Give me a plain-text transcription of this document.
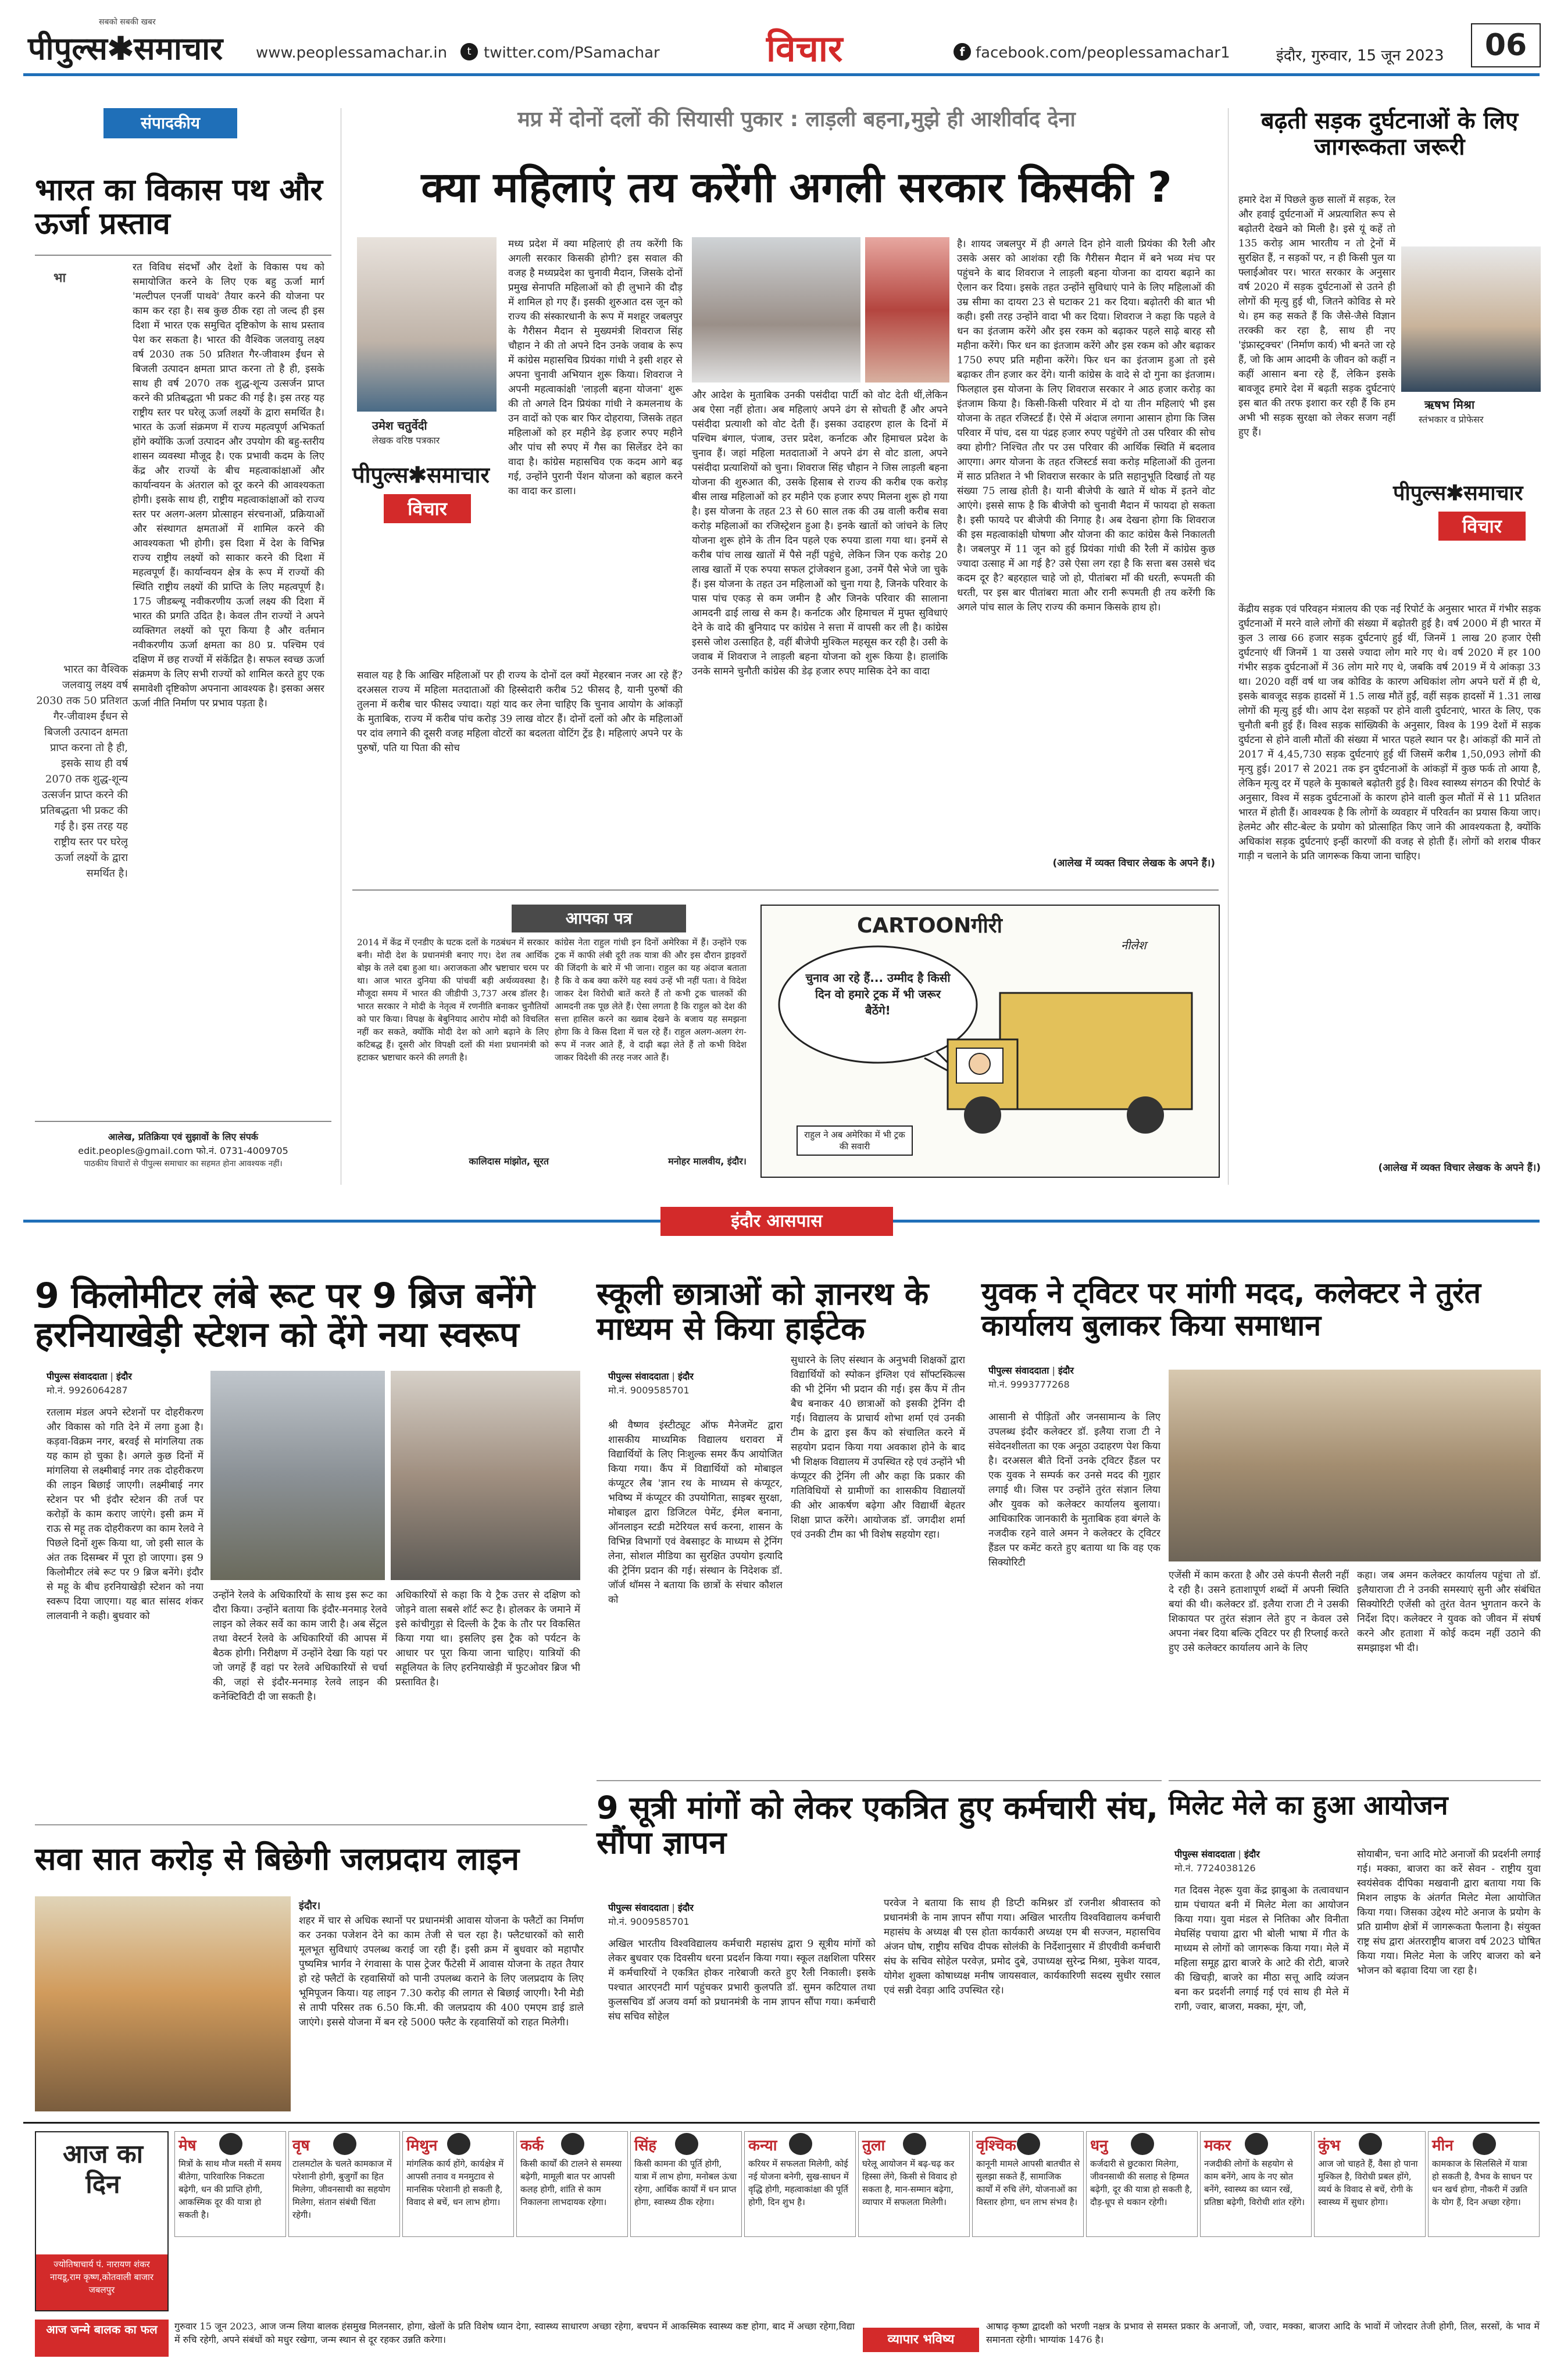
पीपुल्स✱समाचार
सबको सबकी खबर
www.peoplessamachar.in	t twitter.com/PSamachar	विचार	f facebook.com/peoplessamachar1	इंदौर, गुरुवार, 15 जून 2023	06
संपादकीय
भारत का विकास पथ और ऊर्जा प्रस्ताव
भा
रत विविध संदर्भों और देशों के विकास पथ को समायोजित करने के लिए एक बहु ऊर्जा मार्ग 'मल्टीपल एनर्जी पाथवे' तैयार करने की योजना पर काम कर रहा है। सब कुछ ठीक रहा तो जल्द ही इस दिशा में भारत एक समुचित दृष्टिकोण के साथ प्रस्ताव पेश कर सकता है। भारत की वैश्विक जलवायु लक्ष्य वर्ष 2030 तक 50 प्रतिशत गैर-जीवाश्म ईंधन से बिजली उत्पादन क्षमता प्राप्त करना तो है ही, इसके साथ ही वर्ष 2070 तक शुद्ध-शून्य उत्सर्जन प्राप्त करने की प्रतिबद्धता भी प्रकट की गई है। इस तरह यह राष्ट्रीय स्तर पर घरेलू ऊर्जा लक्ष्यों के द्वारा समर्थित है। भारत के ऊर्जा संक्रमण में राज्य महत्वपूर्ण अभिकर्ता होंगे क्योंकि ऊर्जा उत्पादन और उपयोग की बहु-स्तरीय शासन व्यवस्था मौजूद है। एक प्रभावी कदम के लिए केंद्र और राज्यों के बीच महत्वाकांक्षाओं और कार्यान्वयन के अंतराल को दूर करने की आवश्यकता होगी। इसके साथ ही, राष्ट्रीय महत्वाकांक्षाओं को राज्य स्तर पर अलग-अलग प्रोत्साहन संरचनाओं, प्रक्रियाओं और संस्थागत क्षमताओं में शामिल करने की आवश्यकता भी होगी। इस दिशा में देश के विभिन्न राज्य राष्ट्रीय लक्ष्यों को साकार करने की दिशा में महत्वपूर्ण हैं। कार्यान्वयन क्षेत्र के रूप में राज्यों की स्थिति राष्ट्रीय लक्ष्यों की प्राप्ति के लिए महत्वपूर्ण है। 175 जीडब्ल्यू नवीकरणीय ऊर्जा लक्ष्य की दिशा में भारत की प्रगति उदित है। केवल तीन राज्यों ने अपने व्यक्तिगत लक्ष्यों को पूरा किया है और वर्तमान नवीकरणीय ऊर्जा क्षमता का 80 प्र. पश्चिम एवं दक्षिण में छह राज्यों में संकेंद्रित है। सफल स्वच्छ ऊर्जा संक्रमण के लिए सभी राज्यों को शामिल करते हुए एक समावेशी दृष्टिकोण अपनाना आवश्यक है। इसका असर ऊर्जा नीति निर्माण पर प्रभाव पड़ता है।
भारत का वैश्विक जलवायु लक्ष्य वर्ष 2030 तक 50 प्रतिशत गैर-जीवाश्म ईंधन से बिजली उत्पादन क्षमता प्राप्त करना तो है ही, इसके साथ ही वर्ष 2070 तक शुद्ध-शून्य उत्सर्जन प्राप्त करने की प्रतिबद्धता भी प्रकट की गई है। इस तरह यह राष्ट्रीय स्तर पर घरेलू ऊर्जा लक्ष्यों के द्वारा समर्थित है।
आलेख, प्रतिक्रिया एवं सुझावों के लिए संपर्क
edit.peoples@gmail.com फो.नं. 0731-4009705
पाठकीय विचारों से पीपुल्स समाचार का सहमत होना आवश्यक नहीं।
मप्र में दोनों दलों की सियासी पुकार : लाड़ली बहना,मुझे ही आशीर्वाद देना
क्या महिलाएं तय करेंगी अगली सरकार किसकी ?
उमेश चतुर्वेदी
लेखक वरिष्ठ पत्रकार
पीपुल्स✱समाचार
विचार
मध्य प्रदेश में क्या महिलाएं ही तय करेंगी कि अगली सरकार किसकी होगी? इस सवाल की वजह है मध्यप्रदेश का चुनावी मैदान, जिसके दोनों प्रमुख सेनापति महिलाओं को ही लुभाने की दौड़ में शामिल हो गए हैं। इसकी शुरुआत दस जून को राज्य की संस्कारधानी के रूप में मशहूर जबलपुर के गैरीसन मैदान से मुख्यमंत्री शिवराज सिंह चौहान ने की तो अपने दिन उनके जवाब के रूप में कांग्रेस महासचिव प्रियंका गांधी ने इसी शहर से अपना चुनावी अभियान शुरू किया। शिवराज ने अपनी महत्वाकांक्षी 'लाड़ली बहना योजना' शुरू की तो अगले दिन प्रियंका गांधी ने कमलनाथ के उन वादों को एक बार फिर दोहराया, जिसके तहत महिलाओं को हर महीने डेढ़ हजार रुपए महीने और पांच सौ रुपए में गैस का सिलेंडर देने का वादा है। कांग्रेस महासचिव एक कदम आगे बढ़ गई, उन्होंने पुरानी पेंशन योजना को बहाल करने का वादा कर डाला।
सवाल यह है कि आखिर महिलाओं पर ही राज्य के दोनों दल क्यों मेहरबान नजर आ रहे हैं? दरअसल राज्य में महिला मतदाताओं की हिस्सेदारी करीब 52 फीसद है, यानी पुरुषों की तुलना में करीब चार फीसद ज्यादा। यहां याद कर लेना चाहिए कि चुनाव आयोग के आंकड़ों के मुताबिक, राज्य में करीब पांच करोड़ 39 लाख वोटर हैं। दोनों दलों को और के महिलाओं पर दांव लगाने की दूसरी वजह महिला वोटरों का बदलता वोटिंग ट्रेंड है। महिलाएं अपने पर के पुरुषों, पति या पिता की सोच
और आदेश के मुताबिक उनकी पसंदीदा पार्टी को वोट देती थीं,लेकिन अब ऐसा नहीं होता। अब महिलाएं अपने ढंग से सोचती हैं और अपने पसंदीदा प्रत्याशी को वोट देती हैं। इसका उदाहरण हाल के दिनों में पश्चिम बंगाल, पंजाब, उत्तर प्रदेश, कर्नाटक और हिमाचल प्रदेश के चुनाव हैं। जहां महिला मतदाताओं ने अपने ढंग से वोट डाला, अपने पसंदीदा प्रत्याशियों को चुना। शिवराज सिंह चौहान ने जिस लाड़ली बहना योजना की शुरुआत की, उसके हिसाब से राज्य की करीब एक करोड़ बीस लाख महिलाओं को हर महीने एक हजार रुपए मिलना शुरू हो गया है। इस योजना के तहत 23 से 60 साल तक की उम्र वाली करीब सवा करोड़ महिलाओं का रजिस्ट्रेशन हुआ है। इनके खातों को जांचने के लिए योजना शुरू होने के तीन दिन पहले एक रुपया डाला गया था। इनमें से करीब पांच लाख खातों में पैसे नहीं पहुंचे, लेकिन जिन एक करोड़ 20 लाख खातों में एक रुपया सफल ट्रांजेक्शन हुआ, उनमें पैसे भेजे जा चुके हैं। इस योजना के तहत उन महिलाओं को चुना गया है, जिनके परिवार के पास पांच एकड़ से कम जमीन है और जिनके परिवार की सालाना आमदनी ढाई लाख से कम है। कर्नाटक और हिमाचल में मुफ्त सुविधाएं देने के वादे की बुनियाद पर कांग्रेस ने सत्ता में वापसी कर ली है। कांग्रेस इससे जोश उत्साहित है, वहीं बीजेपी मुश्किल महसूस कर रही है। उसी के जवाब में शिवराज ने लाड़ली बहना योजना को शुरू किया है। हालांकि उनके सामने चुनौती कांग्रेस की डेढ़ हजार रुपए मासिक देने का वादा
है। शायद जबलपुर में ही अगले दिन होने वाली प्रियंका की रैली और उसके असर को आशंका रही कि गैरीसन मैदान में बने भव्य मंच पर पहुंचने के बाद शिवराज ने लाड़ली बहना योजना का दायरा बढ़ाने का ऐलान कर दिया। इसके तहत उन्होंने सुविधाएं पाने के लिए महिलाओं की उम्र सीमा का दायरा 23 से घटाकर 21 कर दिया। बढ़ोतरी की बात भी कही। इसी तरह उन्होंने वादा भी कर दिया। शिवराज ने कहा कि पहले वे धन का इंतजाम करेंगे और इस रकम को बढ़ाकर पहले साढ़े बारह सौ महीना करेंगे। फिर धन का इंतजाम करेंगे और इस रकम को और बढ़ाकर 1750 रुपए प्रति महीना करेंगे। फिर धन का इंतजाम हुआ तो इसे बढ़ाकर तीन हजार कर देंगे। यानी कांग्रेस के वादे से दो गुना का इंतजाम। फिलहाल इस योजना के लिए शिवराज सरकार ने आठ हजार करोड़ का इंतजाम किया है। किसी-किसी परिवार में दो या तीन महिलाएं भी इस योजना के तहत रजिस्टर्ड हैं। ऐसे में अंदाज लगाना आसान होगा कि जिस परिवार में पांच, दस या पंद्रह हजार रुपए पहुंचेंगे तो उस परिवार की सोच क्या होगी? निश्चित तौर पर उस परिवार की आर्थिक स्थिति में बदलाव आएगा। अगर योजना के तहत रजिस्टर्ड सवा करोड़ महिलाओं की तुलना में साठ प्रतिशत ने भी शिवराज सरकार के प्रति सहानुभूति दिखाई तो यह संख्या 75 लाख होती है। यानी बीजेपी के खाते में थोक में इतने वोट आएंगे। इससे साफ है कि बीजेपी को चुनावी मैदान में फायदा हो सकता है। इसी फायदे पर बीजेपी की निगाह है। अब देखना होगा कि शिवराज की इस महत्वाकांक्षी घोषणा और योजना की काट कांग्रेस कैसे निकालती है। जबलपुर में 11 जून को हुई प्रियंका गांधी की रैली में कांग्रेस कुछ ज्यादा उत्साह में आ गई है? उसे ऐसा लग रहा है कि सत्ता बस उससे चंद कदम दूर है? बहरहाल चाहे जो हो, पीतांबरा माँ की धरती, रूपमती की धरती, पर इस बार पीतांबरा माता और रानी रूपमती ही तय करेंगी कि अगले पांच साल के लिए राज्य की कमान किसके हाथ हो।
(आलेख में व्यक्त विचार लेखक के अपने हैं।)
आपका पत्र
2014 में केंद्र में एनडीए के घटक दलों के गठबंधन में सरकार बनी। मोदी देश के प्रधानमंत्री बनाए गए। देश तब आर्थिक बोझ के तले दबा हुआ था। अराजकता और भ्रष्टाचार चरम पर था। आज भारत दुनिया की पांचवीं बड़ी अर्थव्यवस्था है। मौजूदा समय में भारत की जीडीपी 3,737 अरब डॉलर है। भारत सरकार ने मोदी के नेतृत्व में रणनीति बनाकर चुनौतियों को पार किया। विपक्ष के बेबुनियाद आरोप मोदी को विचलित नहीं कर सकते, क्योंकि मोदी देश को आगे बढ़ाने के लिए कटिबद्ध हैं। दूसरी ओर विपक्षी दलों की मंशा प्रधानमंत्री को हटाकर भ्रष्टाचार करने की लगती है।
कालिदास मांझोत, सूरत
कांग्रेस नेता राहुल गांधी इन दिनों अमेरिका में हैं। उन्होंने एक ट्रक में काफी लंबी दूरी तक यात्रा की और इस दौरान ड्राइवरों की जिंदगी के बारे में भी जाना। राहुल का यह अंदाज बताता है कि वे कब क्या करेंगे यह स्वयं उन्हें भी नहीं पता। वे विदेश जाकर देश विरोधी बातें करते हैं तो कभी ट्रक चालकों की आमदनी तक पूछ लेते हैं। ऐसा लगता है कि राहुल को देश की सत्ता हासिल करने का ख्वाब देखने के बजाय यह समझना होगा कि वे किस दिशा में चल रहे हैं। राहुल अलग-अलग रंग-रूप में नजर आते हैं, वे दाढ़ी बढ़ा लेते हैं तो कभी विदेश जाकर विदेशी की तरह नजर आते हैं।
मनोहर मालवीय, इंदौर।
CARTOONगीरी
नीलेश
चुनाव आ रहे हैं... उम्मीद है किसी दिन वो हमारे ट्रक में भी जरूर बैठेंगे!
राहुल ने अब अमेरिका में भी ट्रक की सवारी
बढ़ती सड़क दुर्घटनाओं के लिए जागरूकता जरूरी
हमारे देश में पिछले कुछ सालों में सड़क, रेल और हवाई दुर्घटनाओं में अप्रत्याशित रूप से बढ़ोतरी देखने को मिली है। इसे यूं कहें तो 135 करोड़ आम भारतीय न तो ट्रेनों में सुरक्षित हैं, न सड़कों पर, न ही किसी पुल या फ्लाईओवर पर। भारत सरकार के अनुसार वर्ष 2020 में सड़क दुर्घटनाओं से उतने ही लोगों की मृत्यु हुई थी, जितने कोविड से मरे थे। हम कह सकते हैं कि जैसे-जैसे विज्ञान तरक्की कर रहा है, साथ ही नए 'इंफ्रास्ट्रक्चर' (निर्माण कार्य) भी बनते जा रहे हैं, जो कि आम आदमी के जीवन को कहीं न कहीं आसान बना रहे हैं, लेकिन इसके बावजूद हमारे देश में बढ़ती सड़क दुर्घटनाएं इस बात की तरफ इशारा कर रही हैं कि हम अभी भी सड़क सुरक्षा को लेकर सजग नहीं हुए हैं।
ऋषभ मिश्रा
स्तंभकार व प्रोफेसर
पीपुल्स✱समाचार
विचार
केंद्रीय सड़क एवं परिवहन मंत्रालय की एक नई रिपोर्ट के अनुसार भारत में गंभीर सड़क दुर्घटनाओं में मरने वाले लोगों की संख्या में बढ़ोतरी हुई है। वर्ष 2000 में ही भारत में कुल 3 लाख 66 हजार सड़क दुर्घटनाएं हुई थीं, जिनमें 1 लाख 20 हजार ऐसी दुर्घटनाएं थीं जिनमें 1 या उससे ज्यादा लोग मारे गए थे। वर्ष 2020 में हर 100 गंभीर सड़क दुर्घटनाओं में 36 लोग मारे गए थे, जबकि वर्ष 2019 में ये आंकड़ा 33 था। 2020 वहीं वर्ष था जब कोविड के कारण अधिकांश लोग अपने घरों में ही थे, इसके बावजूद सड़क हादसों में 1.5 लाख मौतें हुईं, वहीं सड़क हादसों में 1.31 लाख लोगों की मृत्यु हुई थी। आप देश सड़कों पर होने वाली दुर्घटनाएं, भारत के लिए, एक चुनौती बनी हुई हैं। विश्व सड़क सांख्यिकी के अनुसार, विश्व के 199 देशों में सड़क दुर्घटना से होने वाली मौतों की संख्या में भारत पहले स्थान पर है। आंकड़ों की मानें तो 2017 में 4,45,730 सड़क दुर्घटनाएं हुई थीं जिसमें करीब 1,50,093 लोगों की मृत्यु हुई। 2017 से 2021 तक इन दुर्घटनाओं के आंकड़ों में कुछ फर्क तो आया है, लेकिन मृत्यु दर में पहले के मुकाबले बढ़ोतरी हुई है। विश्व स्वास्थ्य संगठन की रिपोर्ट के अनुसार, विश्व में सड़क दुर्घटनाओं के कारण होने वाली कुल मौतों में से 11 प्रतिशत भारत में होती हैं। आवश्यक है कि लोगों के व्यवहार में परिवर्तन का प्रयास किया जाए। हेलमेट और सीट-बेल्ट के प्रयोग को प्रोत्साहित किए जाने की आवश्यकता है, क्योंकि अधिकांश सड़क दुर्घटनाएं इन्हीं कारणों की वजह से होती हैं। लोगों को शराब पीकर गाड़ी न चलाने के प्रति जागरूक किया जाना चाहिए।
(आलेख में व्यक्त विचार लेखक के अपने हैं।)
इंदौर आसपास
9 किलोमीटर लंबे रूट पर 9 ब्रिज बनेंगे हरनियाखेड़ी स्टेशन को देंगे नया स्वरूप
पीपुल्स संवाददाता | इंदौर
मो.नं. 9926064287
रतलाम मंडल अपने स्टेशनों पर दोहरीकरण और विकास को गति देने में लगा हुआ है। कड़वा-विक्रम नगर, बरवई से मांगलिया तक यह काम हो चुका है। अगले कुछ दिनों में मांगलिया से लक्ष्मीबाई नगर तक दोहरीकरण की लाइन बिछाई जाएगी। लक्ष्मीबाई नगर स्टेशन पर भी इंदौर स्टेशन की तर्ज पर करोड़ों के काम कराए जाएंगे। इसी क्रम में राऊ से महू तक दोहरीकरण का काम रेलवे ने पिछले दिनों शुरू किया था, जो इसी साल के अंत तक दिसम्बर में पूरा हो जाएगा। इस 9 किलोमीटर लंबे रूट पर 9 ब्रिज बनेंगे। इंदौर से महू के बीच हरनियाखेड़ी स्टेशन को नया स्वरूप दिया जाएगा। यह बात सांसद शंकर लालवानी ने कही। बुधवार को
उन्होंने रेलवे के अधिकारियों के साथ इस रूट का दौरा किया। उन्होंने बताया कि इंदौर-मनमाड़ रेलवे लाइन को लेकर सर्वे का काम जारी है। अब सेंट्रल तथा वेस्टर्न रेलवे के अधिकारियों की आपस में बैठक होगी। निरीक्षण में उन्होंने देखा कि यहां पर जो जगहें हैं वहां पर रेलवे अधिकारियों से चर्चा की, जहां से इंदौर-मनमाड़ रेलवे लाइन की कनेक्टिविटी दी जा सकती है।
अधिकारियों से कहा कि ये ट्रैक उत्तर से दक्षिण को जोड़ने वाला सबसे शॉर्ट रूट है। होलकर के जमाने में इसे कांचीगुड़ा से दिल्ली के ट्रैक के तौर पर विकसित किया गया था। इसलिए इस ट्रैक को पर्यटन के आधार पर पूरा किया जाना चाहिए। यात्रियों की सहूलियत के लिए हरनियाखेड़ी में फुटओवर ब्रिज भी प्रस्तावित है।
स्कूली छात्राओं को ज्ञानरथ के माध्यम से किया हाईटेक
पीपुल्स संवाददाता | इंदौर
मो.नं. 9009585701
श्री वैष्णव इंस्टीट्यूट ऑफ मैनेजमेंट द्वारा शासकीय माध्यमिक विद्यालय धरावरा में विद्यार्थियों के लिए निःशुल्क समर कैंप आयोजित किया गया। कैंप में विद्यार्थियों को मोबाइल कंप्यूटर लैब 'ज्ञान रथ के माध्यम से कंप्यूटर, भविष्य में कंप्यूटर की उपयोगिता, साइबर सुरक्षा, मोबाइल द्वारा डिजिटल पेमेंट, ईमेल बनाना, ऑनलाइन स्टडी मटेरियल सर्च करना, शासन के विभिन्न विभागों एवं वेबसाइट के माध्यम से ट्रेनिंग लेना, सोशल मीडिया का सुरक्षित उपयोग इत्यादि की ट्रेनिंग प्रदान की गई। संस्थान के निदेशक डॉ. जॉर्ज थॉमस ने बताया कि छात्रों के संचार कौशल को
सुधारने के लिए संस्थान के अनुभवी शिक्षकों द्वारा विद्यार्थियों को स्पोकन इंग्लिश एवं सॉफ्टस्किल्स की भी ट्रेनिंग भी प्रदान की गई। इस कैंप में तीन बैच बनाकर 40 छात्राओं को इसकी ट्रेनिंग दी गई। विद्यालय के प्राचार्य शोभा शर्मा एवं उनकी टीम के द्वारा इस कैंप को संचालित करने में सहयोग प्रदान किया गया अवकाश होने के बाद भी शिक्षक विद्यालय में उपस्थित रहे एवं उन्होंने भी कंप्यूटर की ट्रेनिंग ली और कहा कि प्रकार की गतिविधियों से ग्रामीणों का शासकीय विद्यालयों की ओर आकर्षण बढ़ेगा और विद्यार्थी बेहतर शिक्षा प्राप्त करेंगे। आयोजक डॉ. जगदीश शर्मा एवं उनकी टीम का भी विशेष सहयोग रहा।
युवक ने ट्विटर पर मांगी मदद, कलेक्टर ने तुरंत कार्यालय बुलाकर किया समाधान
पीपुल्स संवाददाता | इंदौर
मो.नं. 9993777268
आसानी से पीड़ितों और जनसामान्य के लिए उपलब्ध इंदौर कलेक्टर डॉ. इलैया राजा टी ने संवेदनशीलता का एक अनूठा उदाहरण पेश किया है। दरअसल बीते दिनों उनके ट्विटर हैंडल पर एक युवक ने सम्पर्क कर उनसे मदद की गुहार लगाई थी। जिस पर उन्होंने तुरंत संज्ञान लिया और युवक को कलेक्टर कार्यालय बुलाया। आधिकारिक जानकारी के मुताबिक हवा बंगले के नजदीक रहने वाले अमन ने कलेक्टर के ट्विटर हैंडल पर कमेंट करते हुए बताया था कि वह एक सिक्योरिटी
एजेंसी में काम करता है और उसे कंपनी सैलरी नहीं दे रही है। उसने हताशापूर्ण शब्दों में अपनी स्थिति बयां की थी। कलेक्टर डॉ. इलैया राजा टी ने उसकी शिकायत पर तुरंत संज्ञान लेते हुए न केवल उसे अपना नंबर दिया बल्कि ट्विटर पर ही रिप्लाई करते हुए उसे कलेक्टर कार्यालय आने के लिए
कहा। जब अमन कलेक्टर कार्यालय पहुंचा तो डॉ. इलैयाराजा टी ने उनकी समस्याएं सुनी और संबंधित सिक्योरिटी एजेंसी को तुरंत वेतन भुगतान करने के निर्देश दिए। कलेक्टर ने युवक को जीवन में संघर्ष करने और हताशा में कोई कदम नहीं उठाने की समझाइश भी दी।
सवा सात करोड़ से बिछेगी जलप्रदाय लाइन
इंदौर।
शहर में चार से अधिक स्थानों पर प्रधानमंत्री आवास योजना के फ्लैटों का निर्माण कर उनका पजेशन देने का काम तेजी से चल रहा है। फ्लैटधारकों को सारी मूलभूत सुविधाएं उपलब्ध कराई जा रही हैं। इसी क्रम में बुधवार को महापौर पुष्यमित्र भार्गव ने रंगवासा के पास ट्रेजर फैंटेसी में आवास योजना के तहत तैयार हो रहे फ्लैटों के रहवासियों को पानी उपलब्ध कराने के लिए जलप्रदाय के लिए भूमिपूजन किया। यह लाइन 7.30 करोड़ की लागत से बिछाई जाएगी। रैनी मेडी से तापी परिसर तक 6.50 कि.मी. की जलप्रदाय की 400 एमएम डाई डाले जाएंगे। इससे योजना में बन रहे 5000 फ्लैट के रहवासियों को राहत मिलेगी।
9 सूत्री मांगों को लेकर एकत्रित हुए कर्मचारी संघ, सौंपा ज्ञापन
पीपुल्स संवाददाता | इंदौर
मो.नं. 9009585701
अखिल भारतीय विश्वविद्यालय कर्मचारी महासंघ द्वारा 9 सूत्रीय मांगों को लेकर बुधवार एक दिवसीय धरना प्रदर्शन किया गया। स्कूल तक्षशिला परिसर में कर्मचारियों ने एकत्रित होकर नारेबाजी करते हुए रैली निकाली। इसके पश्चात आरएनटी मार्ग पहुंचकर प्रभारी कुलपति डॉ. सुमन कटियाल तथा कुलसचिव डॉ अजय वर्मा को प्रधानमंत्री के नाम ज्ञापन सौंपा गया। कर्मचारी संघ सचिव सोहेल
परवेज ने बताया कि साथ ही डिप्टी कमिश्नर डॉ रजनीश श्रीवास्तव को प्रधानमंत्री के नाम ज्ञापन सौंपा गया। अखिल भारतीय विश्वविद्यालय कर्मचारी महासंघ के अध्यक्ष बी एस होता कार्यकारी अध्यक्ष एम बी सज्जन, महासचिव अंजन घोष, राष्ट्रीय सचिव दीपक सोलंकी के निर्देशानुसार में डीएवीवी कर्मचारी संघ के सचिव सोहेल परवेज़, प्रमोद दुबे, उपाध्यक्ष सुरेन्द्र मिश्रा, मुकेश यादव, योगेश शुक्ला कोषाध्यक्ष मनीष जायसवाल, कार्यकारिणी सदस्य सुधीर रसाल एवं सन्नी देवड़ा आदि उपस्थित रहे।
मिलेट मेले का हुआ आयोजन
पीपुल्स संवाददाता | इंदौर
मो.नं. 7724038126
गत दिवस नेहरू युवा केंद्र झाबुआ के तत्वावधान ग्राम पंचायत बनी में मिलेट मेला का आयोजन किया गया। युवा मंडल से नितिका और विनीता मेघसिंह पचाया द्वारा भी बोली भाषा में गीत के माध्यम से लोगों को जागरूक किया गया। मेले में महिला समूह द्वारा बाजरे के आटे की रोटी, बाजरे की खिचड़ी, बाजरे का मीठा सत्तू आदि व्यंजन बना कर प्रदर्शनी लगाई गई एवं साथ ही मेले में रागी, ज्वार, बाजरा, मक्का, मूंग, जौ,
सोयाबीन, चना आदि मोटे अनाजों की प्रदर्शनी लगाई गई। मक्का, बाजरा का करें सेवन - राष्ट्रीय युवा स्वयंसेवक दीपिका मखवानी द्वारा बताया गया कि मिशन लाइफ के अंतर्गत मिलेट मेला आयोजित किया गया। जिसका उद्देश्य मोटे अनाज के प्रयोग के प्रति ग्रामीण क्षेत्रों में जागरूकता फैलाना है। संयुक्त राष्ट्र संघ द्वारा अंतरराष्ट्रीय बाजरा वर्ष 2023 घोषित किया गया। मिलेट मेला के जरिए बाजरा को बने भोजन को बढ़ावा दिया जा रहा है।
आज का दिन
ज्योतिषाचार्य पं. नारायण शंकर नायडू,राम कृष्ण,कोतवाली बाजार जबलपुर
मेष
मित्रों के साथ मौज मस्ती में समय बीतेगा, पारिवारिक निकटता बढ़ेगी, धन की प्राप्ति होगी, आकस्मिक दूर की यात्रा हो सकती है।
वृष
टालमटोल के चलते कामकाज में परेशानी होगी, बुजुर्गों का हित मिलेगा, जीवनसाथी का सहयोग मिलेगा, संतान संबंधी चिंता रहेगी।
मिथुन
मांगलिक कार्य होंगे, कार्यक्षेत्र में आपसी तनाव व मनमुटाव से मानसिक परेशानी हो सकती है, विवाद से बचें, धन लाभ होगा।
कर्क
किसी कार्यों की टालने से समस्या बढ़ेगी, मामूली बात पर आपसी कलह होगी, शांति से काम निकालना लाभदायक रहेगा।
सिंह
किसी कामना की पूर्ति होगी, यात्रा में लाभ होगा, मनोबल ऊंचा रहेगा, आर्थिक कार्यों में धन प्राप्त होगा, स्वास्थ्य ठीक रहेगा।
कन्या
करियर में सफलता मिलेगी, कोई नई योजना बनेगी, सुख-साधन में वृद्धि होगी, महत्वाकांक्षा की पूर्ति होगी, दिन शुभ है।
तुला
घरेलू आयोजन में बढ़-चढ़ कर हिस्सा लेंगे, किसी से विवाद हो सकता है, मान-सम्मान बढ़ेगा, व्यापार में सफलता मिलेगी।
वृश्चिक
कानूनी मामले आपसी बातचीत से सुलझा सकते हैं, सामाजिक कार्यों में रुचि लेंगे, योजनाओं का विस्तार होगा, धन लाभ संभव है।
धनु
कर्जदारी से छुटकारा मिलेगा, जीवनसाथी की सलाह से हिम्मत बढ़ेगी, दूर की यात्रा हो सकती है, दौड़-धूप से थकान रहेगी।
मकर
नजदीकी लोगों के सहयोग से काम बनेंगे, आय के नए स्रोत बनेंगे, स्वास्थ्य का ध्यान रखें, प्रतिष्ठा बढ़ेगी, विरोधी शांत रहेंगे।
कुंभ
आज जो चाहते हैं, वैसा हो पाना मुश्किल है, विरोधी प्रबल होंगे, व्यर्थ के विवाद से बचें, रोगी के स्वास्थ्य में सुधार होगा।
मीन
कामकाज के सिलसिले में यात्रा हो सकती है, वैभव के साधन पर धन खर्च होगा, नौकरी में उन्नति के योग हैं, दिन अच्छा रहेगा।
आज जन्मे बालक का फल	गुरुवार 15 जून 2023, आज जन्म लिया बालक हंसमुख मिलनसार, होगा, खेलों के प्रति विशेष ध्यान देगा, स्वास्थ्य साधारण अच्छा रहेगा, बचपन में आकस्मिक स्वास्थ्य कष्ट होगा, बाद में अच्छा रहेगा,विद्या में रुचि रहेगी, अपने संबंधों को मधुर रखेगा, जन्म स्थान से दूर रहकर उन्नति करेगा।	व्यापार भविष्य
आषाढ़ कृष्ण द्वादशी को भरणी नक्षत्र के प्रभाव से समस्त प्रकार के अनाजों, जौ, ज्वार, मक्का, बाजरा आदि के भावों में जोरदार तेजी होगी, तिल, सरसों, के भाव में समानता रहेगी। भाग्यांक 1476 है।
